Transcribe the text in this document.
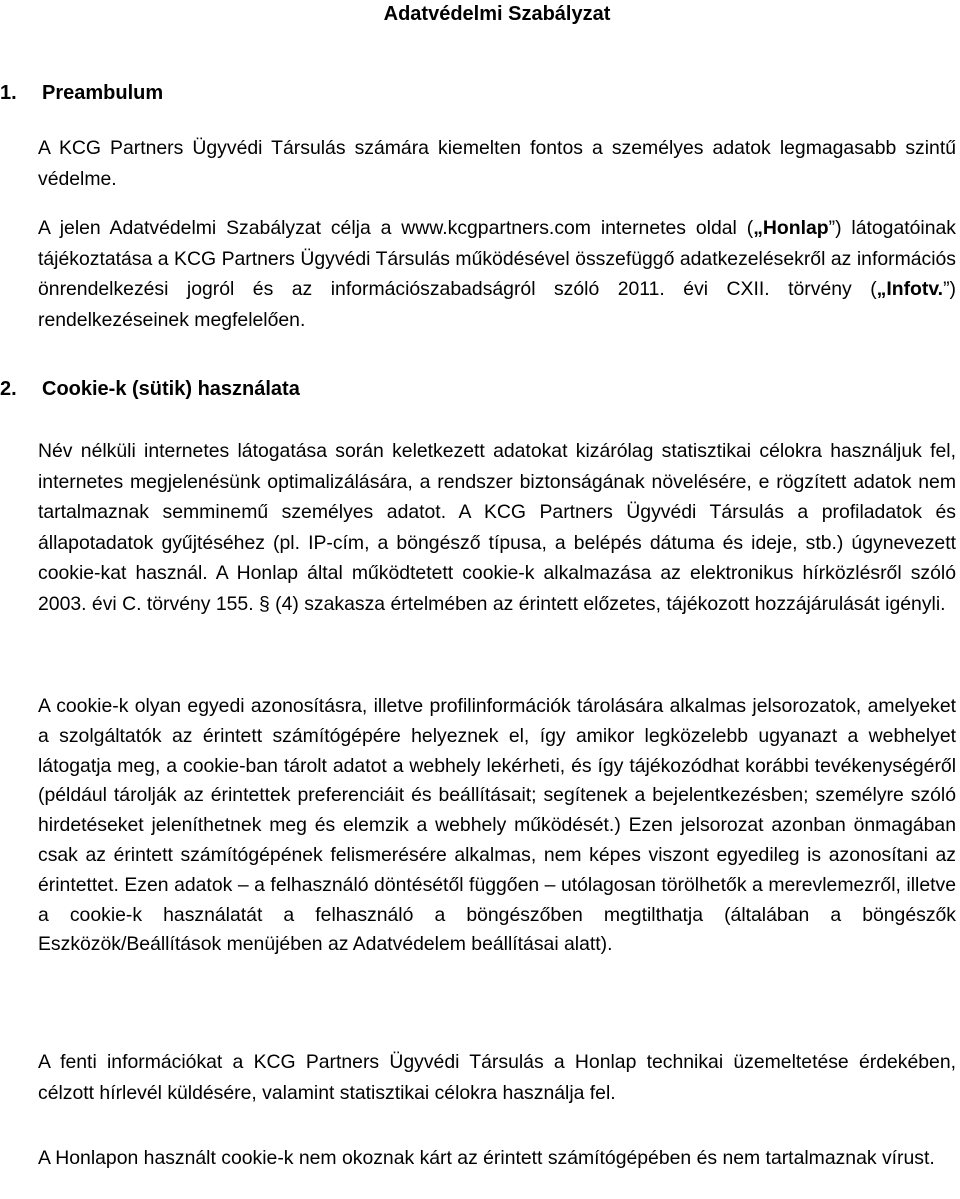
Adatvédelmi Szabályzat
1. Preambulum

A KCG Partners Ügyvédi Társulás számára kiemelten fontos a személyes adatok legmagasabb szintű védelme.

A jelen Adatvédelmi Szabályzat célja a www.kcgpartners.com internetes oldal („Honlap”) látogatóinak tájékoztatása a KCG Partners Ügyvédi Társulás működésével összefüggő adatkezelésekről az információs önrendelkezési jogról és az információszabadságról szóló 2011. évi CXII. törvény („Infotv.”) rendelkezéseinek megfelelően.

2. Cookie-k (sütik) használata

Név nélküli internetes látogatása során keletkezett adatokat kizárólag statisztikai célokra használjuk fel, internetes megjelenésünk optimalizálására, a rendszer biztonságának növelésére, e rögzített adatok nem tartalmaznak semminemű személyes adatot. A KCG Partners Ügyvédi Társulás a profiladatok és állapotadatok gyűjtéséhez (pl. IP-cím, a böngésző típusa, a belépés dátuma és ideje, stb.) úgynevezett cookie-kat használ. A Honlap által működtetett cookie-k alkalmazása az elektronikus hírközlésről szóló 2003. évi C. törvény 155. § (4) szakasza értelmében az érintett előzetes, tájékozott hozzájárulását igényli.

A cookie-k olyan egyedi azonosításra, illetve profilinformációk tárolására alkalmas jelsorozatok, amelyeket a szolgáltatók az érintett számítógépére helyeznek el, így amikor legközelebb ugyanazt a webhelyet látogatja meg, a cookie-ban tárolt adatot a webhely lekérheti, és így tájékozódhat korábbi tevékenységéről (például tárolják az érintettek preferenciáit és beállításait; segítenek a bejelentkezésben; személyre szóló hirdetéseket jeleníthetnek meg és elemzik a webhely működését.) Ezen jelsorozat azonban önmagában csak az érintett számítógépének felismerésére alkalmas, nem képes viszont egyedileg is azonosítani az érintettet. Ezen adatok – a felhasználó döntésétől függően – utólagosan törölhetők a merevlemezről, illetve a cookie-k használatát a felhasználó a böngészőben megtilthatja (általában a böngészők Eszközök/Beállítások menüjében az Adatvédelem beállításai alatt).

A fenti információkat a KCG Partners Ügyvédi Társulás a Honlap technikai üzemeltetése érdekében, célzott hírlevél küldésére, valamint statisztikai célokra használja fel.

A Honlapon használt cookie-k nem okoznak kárt az érintett számítógépében és nem tartalmaznak vírust.
